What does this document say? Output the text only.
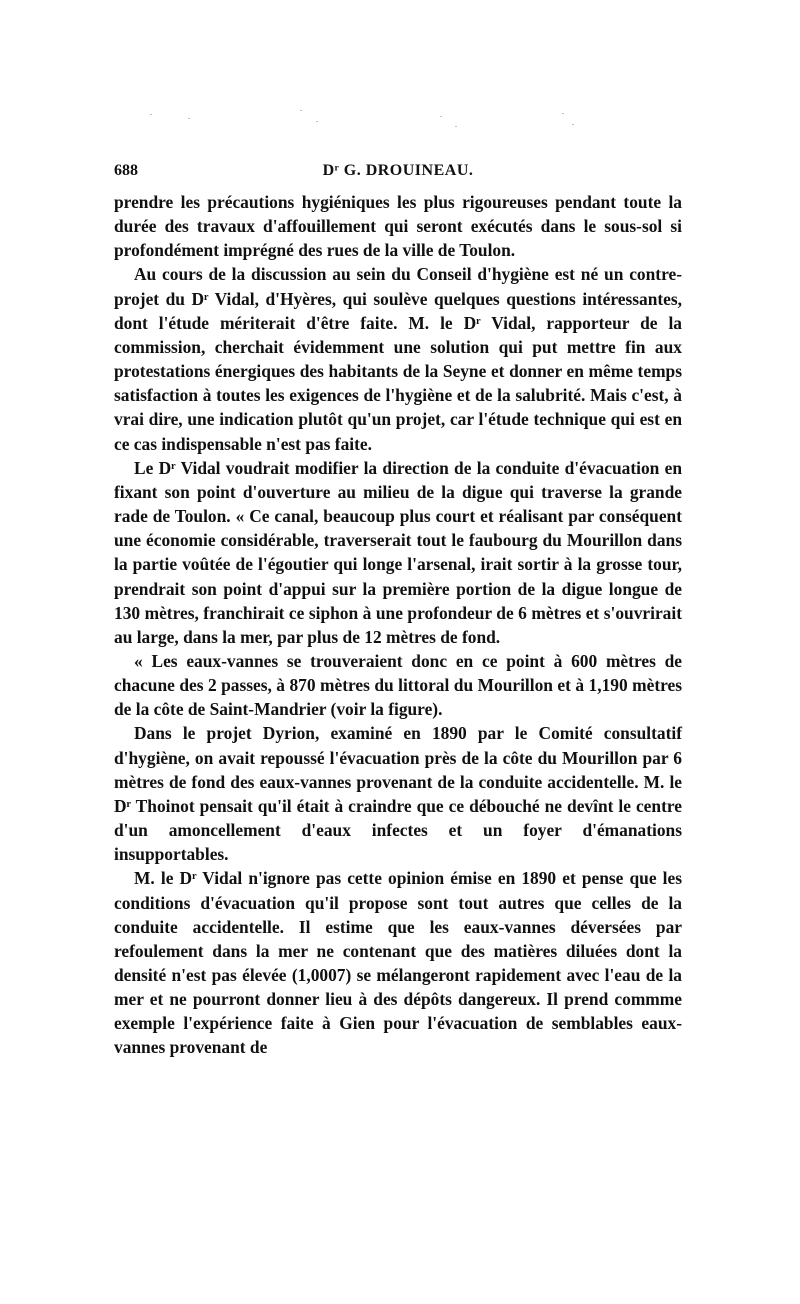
688	Dʳ G. DROUINEAU.

prendre les précautions hygiéniques les plus rigoureuses pendant toute la durée des travaux d'affouillement qui seront exécutés dans le sous-sol si profondément imprégné des rues de la ville de Toulon.

Au cours de la discussion au sein du Conseil d'hygiène est né un contre-projet du Dʳ Vidal, d'Hyères, qui soulève quelques questions intéressantes, dont l'étude mériterait d'être faite. M. le Dʳ Vidal, rapporteur de la commission, cherchait évidemment une solution qui put mettre fin aux protestations énergiques des habitants de la Seyne et donner en même temps satisfaction à toutes les exigences de l'hygiène et de la salubrité. Mais c'est, à vrai dire, une indication plutôt qu'un projet, car l'étude technique qui est en ce cas indispensable n'est pas faite.

Le Dʳ Vidal voudrait modifier la direction de la conduite d'évacuation en fixant son point d'ouverture au milieu de la digue qui traverse la grande rade de Toulon. « Ce canal, beaucoup plus court et réalisant par conséquent une économie considérable, traverserait tout le faubourg du Mourillon dans la partie voûtée de l'égoutier qui longe l'arsenal, irait sortir à la grosse tour, prendrait son point d'appui sur la première portion de la digue longue de 130 mètres, franchirait ce siphon à une profondeur de 6 mètres et s'ouvrirait au large, dans la mer, par plus de 12 mètres de fond.

« Les eaux-vannes se trouveraient donc en ce point à 600 mètres de chacune des 2 passes, à 870 mètres du littoral du Mourillon et à 1,190 mètres de la côte de Saint-Mandrier (voir la figure).

Dans le projet Dyrion, examiné en 1890 par le Comité consultatif d'hygiène, on avait repoussé l'évacuation près de la côte du Mourillon par 6 mètres de fond des eaux-vannes provenant de la conduite accidentelle. M. le Dʳ Thoinot pensait qu'il était à craindre que ce débouché ne devînt le centre d'un amoncellement d'eaux infectes et un foyer d'émanations insupportables.

M. le Dʳ Vidal n'ignore pas cette opinion émise en 1890 et pense que les conditions d'évacuation qu'il propose sont tout autres que celles de la conduite accidentelle. Il estime que les eaux-vannes déversées par refoulement dans la mer ne contenant que des matières diluées dont la densité n'est pas élevée (1,0007) se mélangeront rapidement avec l'eau de la mer et ne pourront donner lieu à des dépôts dangereux. Il prend commme exemple l'expérience faite à Gien pour l'évacuation de semblables eaux-vannes provenant de
